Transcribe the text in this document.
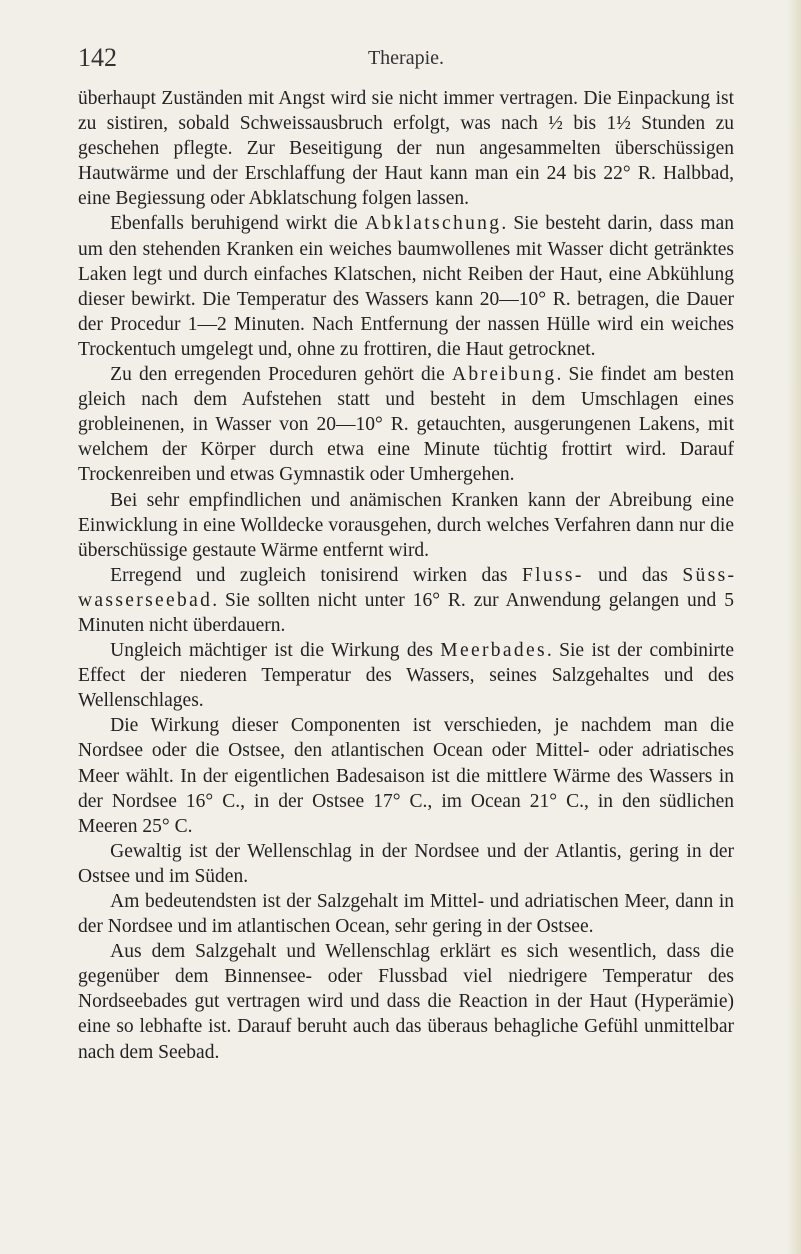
142	Therapie.

überhaupt Zuständen mit Angst wird sie nicht immer vertragen. Die Einpackung ist zu sistiren, sobald Schweissausbruch erfolgt, was nach ½ bis 1½ Stunden zu geschehen pflegte. Zur Beseitigung der nun angesammelten überschüssigen Hautwärme und der Erschlaffung der Haut kann man ein 24 bis 22° R. Halbbad, eine Begiessung oder Abklatschung folgen lassen.

Ebenfalls beruhigend wirkt die Abklatschung. Sie besteht darin, dass man um den stehenden Kranken ein weiches baumwollenes mit Wasser dicht getränktes Laken legt und durch einfaches Klatschen, nicht Reiben der Haut, eine Abkühlung dieser bewirkt. Die Temperatur des Wassers kann 20—10° R. betragen, die Dauer der Procedur 1—2 Minuten. Nach Entfernung der nassen Hülle wird ein weiches Trockentuch umgelegt und, ohne zu frottiren, die Haut getrocknet.

Zu den erregenden Proceduren gehört die Abreibung. Sie findet am besten gleich nach dem Aufstehen statt und besteht in dem Umschlagen eines grobleinenen, in Wasser von 20—10° R. getauchten, ausgerungenen Lakens, mit welchem der Körper durch etwa eine Minute tüchtig frottirt wird. Darauf Trockenreiben und etwas Gymnastik oder Umhergehen.

Bei sehr empfindlichen und anämischen Kranken kann der Abreibung eine Einwicklung in eine Wolldecke vorausgehen, durch welches Verfahren dann nur die überschüssige gestaute Wärme entfernt wird.

Erregend und zugleich tonisirend wirken das Fluss- und das Süsswasserseebad. Sie sollten nicht unter 16° R. zur Anwendung gelangen und 5 Minuten nicht überdauern.

Ungleich mächtiger ist die Wirkung des Meerbades. Sie ist der combinirte Effect der niederen Temperatur des Wassers, seines Salzgehaltes und des Wellenschlages.

Die Wirkung dieser Componenten ist verschieden, je nachdem man die Nordsee oder die Ostsee, den atlantischen Ocean oder Mittel- oder adriatisches Meer wählt. In der eigentlichen Badesaison ist die mittlere Wärme des Wassers in der Nordsee 16° C., in der Ostsee 17° C., im Ocean 21° C., in den südlichen Meeren 25° C.

Gewaltig ist der Wellenschlag in der Nordsee und der Atlantis, gering in der Ostsee und im Süden.

Am bedeutendsten ist der Salzgehalt im Mittel- und adriatischen Meer, dann in der Nordsee und im atlantischen Ocean, sehr gering in der Ostsee.

Aus dem Salzgehalt und Wellenschlag erklärt es sich wesentlich, dass die gegenüber dem Binnensee- oder Flussbad viel niedrigere Temperatur des Nordseebades gut vertragen wird und dass die Reaction in der Haut (Hyperämie) eine so lebhafte ist. Darauf beruht auch das überaus behagliche Gefühl unmittelbar nach dem Seebad.
